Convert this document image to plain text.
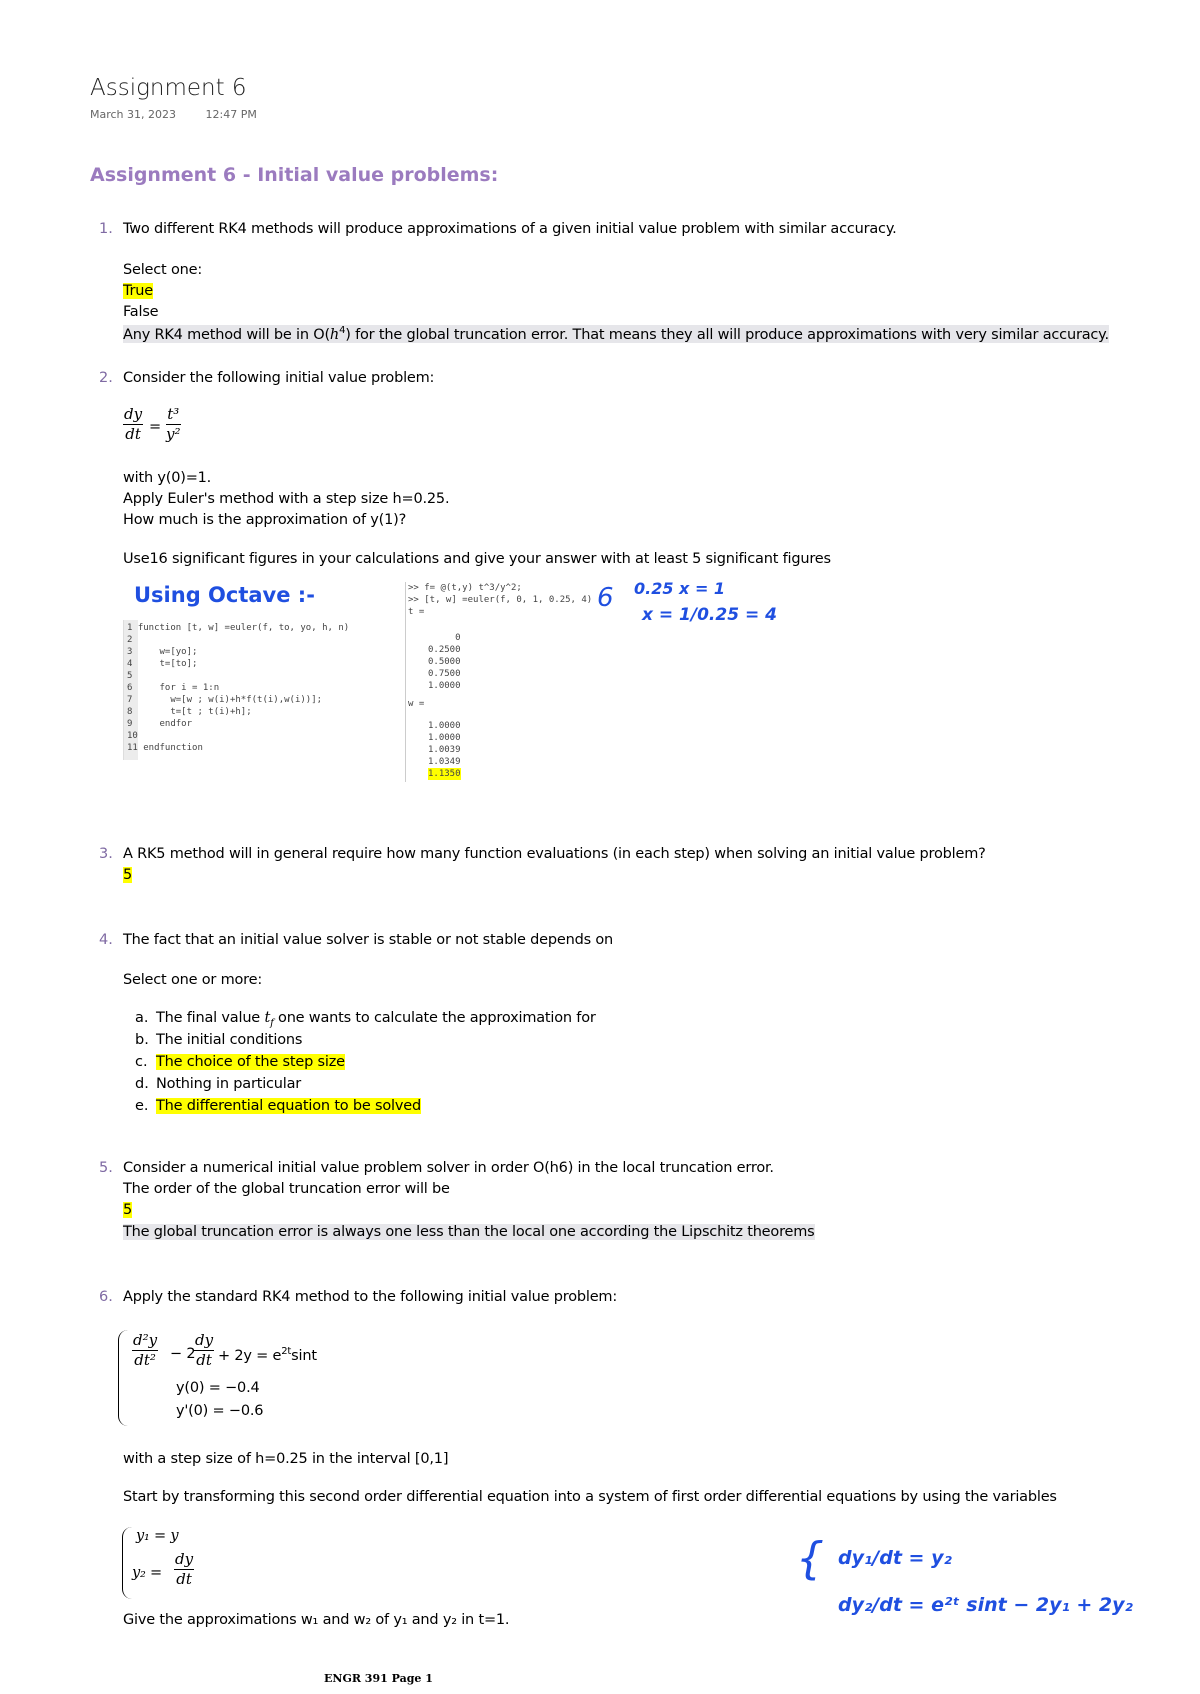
Assignment 6
March 31, 2023	12:47 PM
Assignment 6 - Initial value problems:
1. Two different RK4 methods will produce approximations of a given initial value problem with similar accuracy.
Select one:
True
False
Any RK4 method will be in $O(h^4)$ for the global truncation error. That means they all will produce approximations with very similar accuracy.
2. Consider the following initial value problem:
$\frac{dy}{dt} = \frac{\text{t³}}{\text{y²}}$
with y(0)=1.
Apply Euler's method with a step size h=0.25.
How much is the approximation of y(1)?
Use16 significant figures in your calculations and give your answer with at least 5 significant figures
Using Octave :-
1 function [t, w] =euler(f, to, yo, h, n)
2
3     w=[yo];
4     t=[to];
5
6     for i = 1:n
7       w=[w ; w(i)+h*f(t(i),w(i))];
8       t=[t ; t(i)+h];
9     endfor
10
11 endfunction
>> f= @(t,y) t^3/y^2;
>> [t, w] =euler(f, 0, 1, 0.25, 4)
t =
0
0.2500
0.5000
0.7500
1.0000
w =
1.0000
1.0000
1.0039
1.0349
1.1350
6 0.25 x = 1
x = 1/0.25 = 4
3. A RK5 method will in general require how many function evaluations (in each step) when solving an initial value problem?
5
4. The fact that an initial value solver is stable or not stable depends on
Select one or more:
a. The final value $t_f$ one wants to calculate the approximation for
b. The initial conditions
c. The choice of the step size
d. Nothing in particular
e. The differential equation to be solved
5. Consider a numerical initial value problem solver in order O(h6) in the local truncation error.
The order of the global truncation error will be
5
The global truncation error is always one less than the local one according the Lipschitz theorems
6. Apply the standard RK4 method to the following initial value problem:
$\frac{\text{d²y}}{\text{dt²}} - 2$
$\frac{dy}{dt} + 2y = e^{2t}\sin t$
y(0) = −0.4
y'(0) = −0.6
with a step size of h=0.25 in the interval [0,1]
Start by transforming this second order differential equation into a system of first order differential equations by using the variables
y₁ = y
$y_2 = \frac{dy}{dt}$
Give the approximations w₁ and w₂ of y₁ and y₂ in t=1.
{ dy₁/dt = y₂
dy₂/dt = e²ᵗ sint − 2y₁ + 2y₂
ENGR 391 Page 1
